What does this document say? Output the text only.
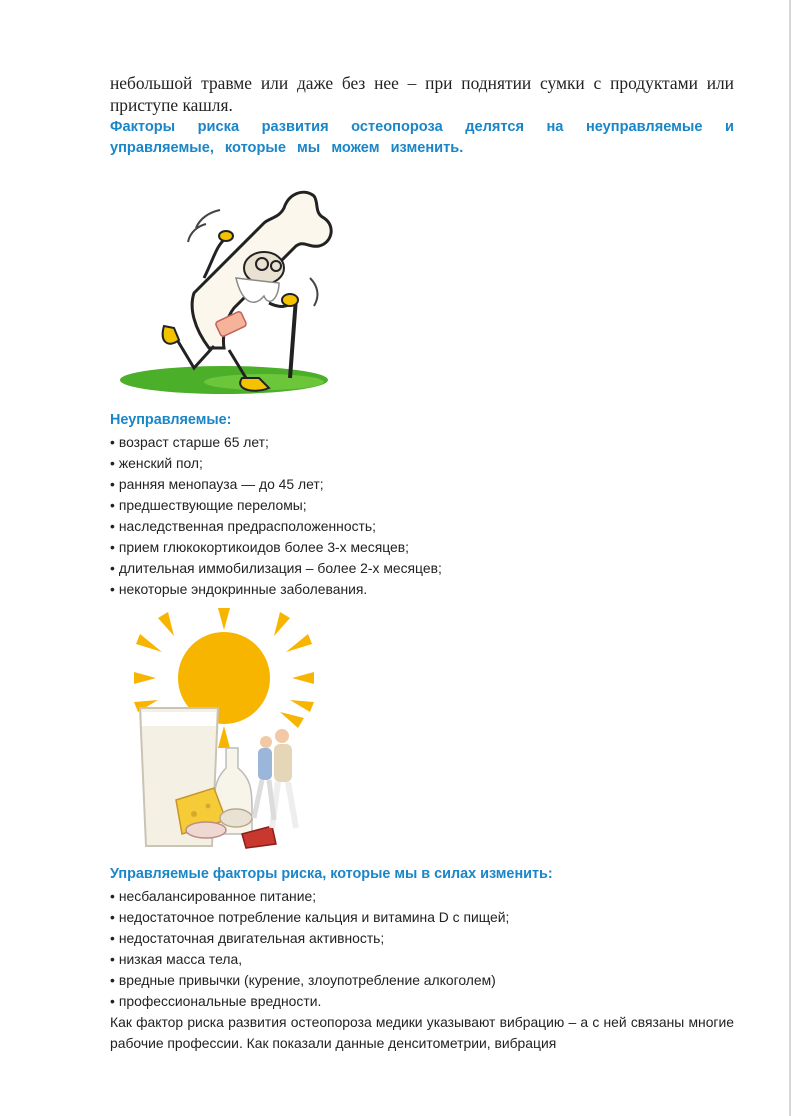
небольшой травме или даже без нее – при поднятии сумки с продуктами или приступе кашля.

Факторы риска развития остеопороза делятся на неуправляемые и управляемые, которые мы можем изменить.

Неуправляемые:
• возраст старше 65 лет;
• женский пол;
• ранняя менопауза — до 45 лет;
• предшествующие переломы;
• наследственная предрасположенность;
• прием глюкокортикоидов более 3-х месяцев;
• длительная иммобилизация – более 2-х месяцев;
• некоторые эндокринные заболевания.
Управляемые факторы риска, которые мы в силах изменить:
• несбалансированное питание;
• недостаточное потребление кальция и витамина D с пищей;
• недостаточная двигательная активность;
• низкая масса тела,
• вредные привычки (курение, злоупотребление алкоголем)
• профессиональные вредности.

Как фактор риска развития остеопороза медики указывают вибрацию – а с ней связаны многие рабочие профессии. Как показали данные денситометрии, вибрация
